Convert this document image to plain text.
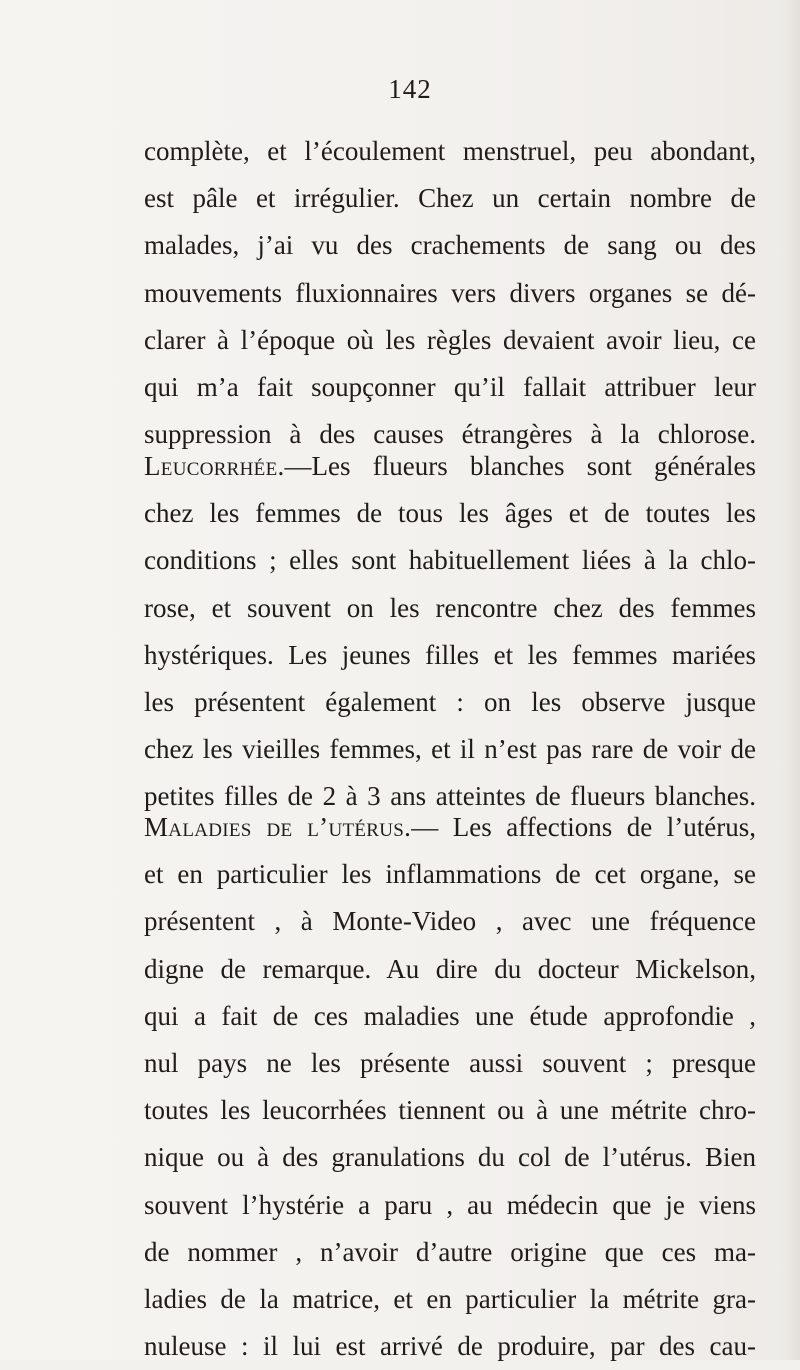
142
complète, et l’écoulement menstruel, peu abondant,
est pâle et irrégulier. Chez un certain nombre de
malades, j’ai vu des crachements de sang ou des
mouvements fluxionnaires vers divers organes se dé-
clarer à l’époque où les règles devaient avoir lieu, ce
qui m’a fait soupçonner qu’il fallait attribuer leur
suppression à des causes étrangères à la chlorose.
Leucorrhée.—Les flueurs blanches sont générales
chez les femmes de tous les âges et de toutes les
conditions ; elles sont habituellement liées à la chlo-
rose, et souvent on les rencontre chez des femmes
hystériques. Les jeunes filles et les femmes mariées
les présentent également : on les observe jusque
chez les vieilles femmes, et il n’est pas rare de voir de
petites filles de 2 à 3 ans atteintes de flueurs blanches.
Maladies de l’utérus.— Les affections de l’utérus,
et en particulier les inflammations de cet organe, se
présentent , à Monte-Video , avec une fréquence
digne de remarque. Au dire du docteur Mickelson,
qui a fait de ces maladies une étude approfondie ,
nul pays ne les présente aussi souvent ; presque
toutes les leucorrhées tiennent ou à une métrite chro-
nique ou à des granulations du col de l’utérus. Bien
souvent l’hystérie a paru , au médecin que je viens
de nommer , n’avoir d’autre origine que ces ma-
ladies de la matrice, et en particulier la métrite gra-
nuleuse : il lui est arrivé de produire, par des cau-
